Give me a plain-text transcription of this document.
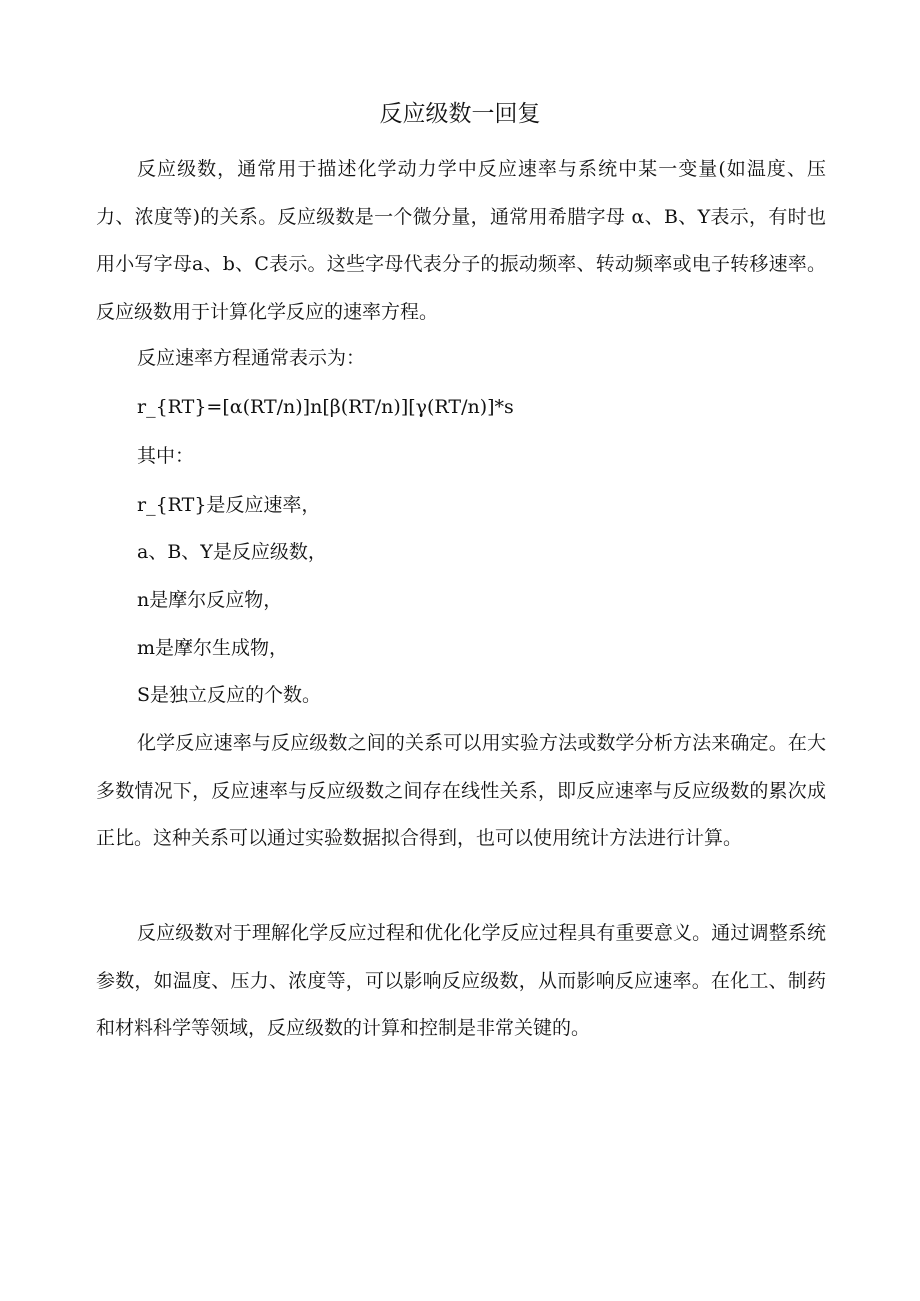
反应级数一回复

反应级数，通常用于描述化学动力学中反应速率与系统中某一变量(如温度、压力、浓度等)的关系。反应级数是一个微分量，通常用希腊字母 α、Β、Υ表示，有时也用小写字母a、b、C表示。这些字母代表分子的振动频率、转动频率或电子转移速率。反应级数用于计算化学反应的速率方程。

反应速率方程通常表示为：
r_{RT}=[α(RT/n)]n[β(RT/n)][γ(RT/n)]*s
其中：
r_{RT}是反应速率，
a、Β、Υ是反应级数，
n是摩尔反应物，
m是摩尔生成物，
S是独立反应的个数。

化学反应速率与反应级数之间的关系可以用实验方法或数学分析方法来确定。在大多数情况下，反应速率与反应级数之间存在线性关系，即反应速率与反应级数的累次成正比。这种关系可以通过实验数据拟合得到，也可以使用统计方法进行计算。

反应级数对于理解化学反应过程和优化化学反应过程具有重要意义。通过调整系统参数，如温度、压力、浓度等，可以影响反应级数，从而影响反应速率。在化工、制药和材料科学等领域，反应级数的计算和控制是非常关键的。
